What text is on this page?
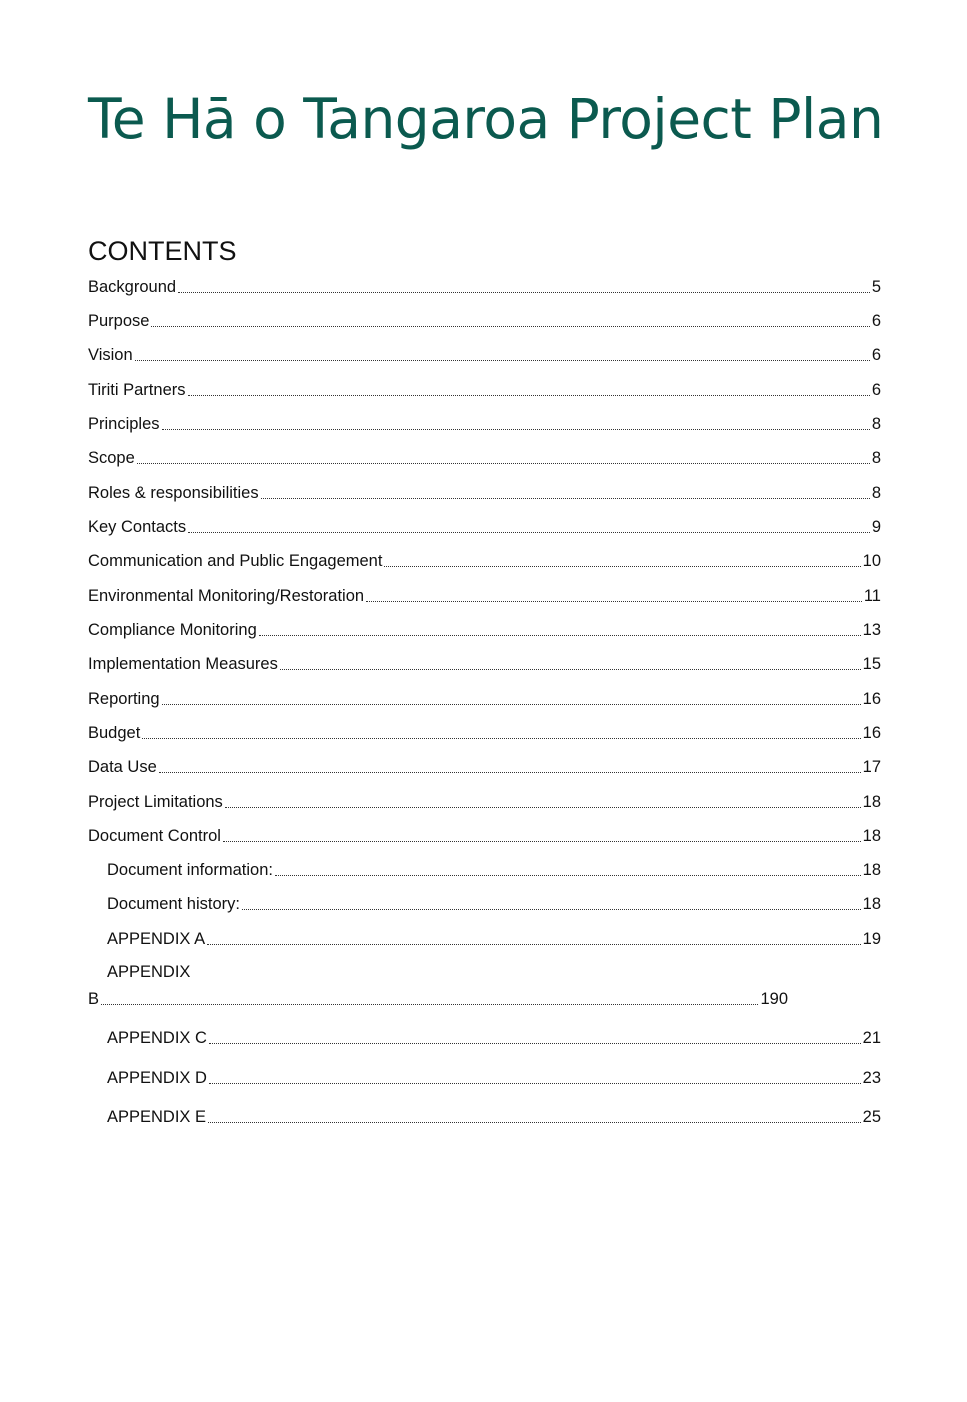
Te Hā o Tangaroa Project Plan
CONTENTS
Background	5
Purpose	6
Vision	6
Tiriti Partners	6
Principles	8
Scope	8
Roles & responsibilities	8
Key Contacts	9
Communication and Public Engagement	10
Environmental Monitoring/Restoration	11
Compliance Monitoring	13
Implementation Measures	15
Reporting	16
Budget	16
Data Use	17
Project Limitations	18
Document Control	18
Document information:	18
Document history:	18
APPENDIX A	19
APPENDIX
B	190
APPENDIX C	21
APPENDIX D	23
APPENDIX E	25
